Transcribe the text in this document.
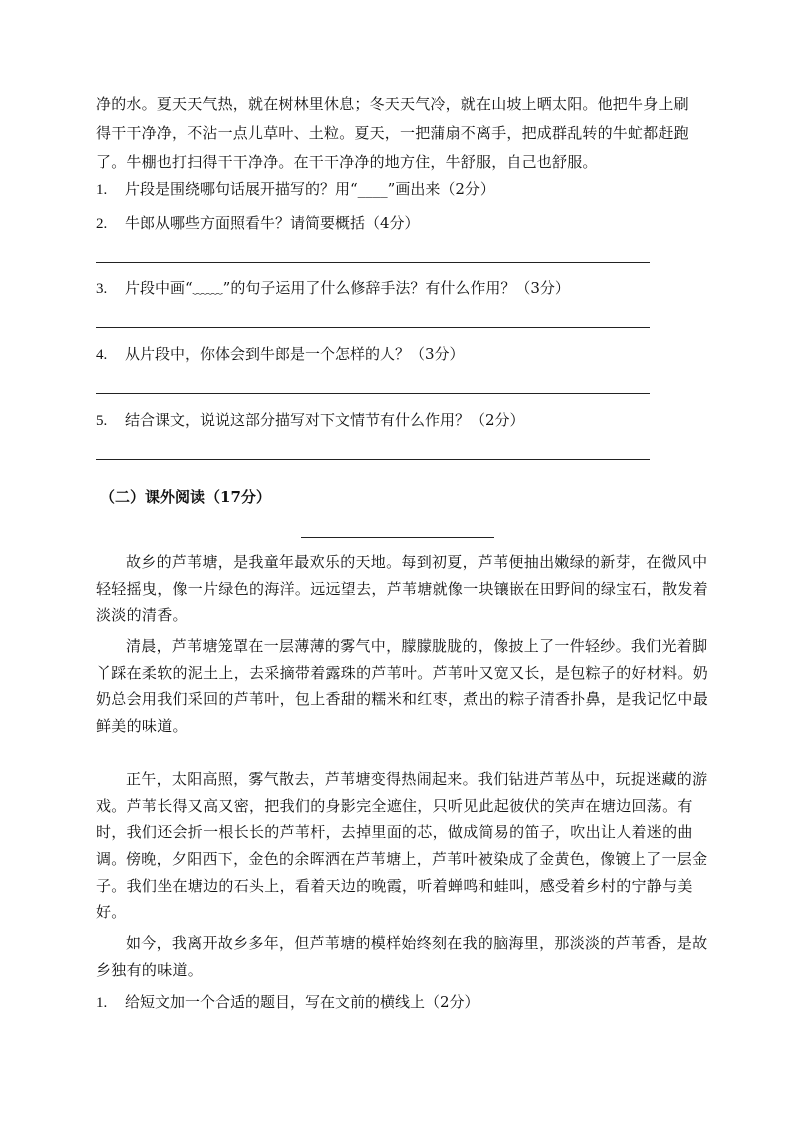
净的水。夏天天气热，就在树林里休息；冬天天气冷，就在山坡上晒太阳。他把牛身上刷得干干净净，不沾一点儿草叶、土粒。夏天，一把蒲扇不离手，把成群乱转的牛虻都赶跑了。牛棚也打扫得干干净净。在干干净净的地方住，牛舒服，自己也舒服。

1. 片段是围绕哪句话展开描写的？用“____”画出来（2分）
2. 牛郎从哪些方面照看牛？请简要概括（4分）
3. 片段中画“﹏﹏”的句子运用了什么修辞手法？有什么作用？（3分）
4. 从片段中，你体会到牛郎是一个怎样的人？（3分）
5. 结合课文，说说这部分描写对下文情节有什么作用？（2分）
（二）课外阅读（17分）

故乡的芦苇塘，是我童年最欢乐的天地。每到初夏，芦苇便抽出嫩绿的新芽，在微风中轻轻摇曳，像一片绿色的海洋。远远望去，芦苇塘就像一块镶嵌在田野间的绿宝石，散发着淡淡的清香。

清晨，芦苇塘笼罩在一层薄薄的雾气中，朦朦胧胧的，像披上了一件轻纱。我们光着脚丫踩在柔软的泥土上，去采摘带着露珠的芦苇叶。芦苇叶又宽又长，是包粽子的好材料。奶奶总会用我们采回的芦苇叶，包上香甜的糯米和红枣，煮出的粽子清香扑鼻，是我记忆中最鲜美的味道。

正午，太阳高照，雾气散去，芦苇塘变得热闹起来。我们钻进芦苇丛中，玩捉迷藏的游戏。芦苇长得又高又密，把我们的身影完全遮住，只听见此起彼伏的笑声在塘边回荡。有时，我们还会折一根长长的芦苇杆，去掉里面的芯，做成简易的笛子，吹出让人着迷的曲调。 傍晚，夕阳西下，金色的余晖洒在芦苇塘上，芦苇叶被染成了金黄色，像镀上了一层金子。我们坐在塘边的石头上，看着天边的晚霞，听着蝉鸣和蛙叫，感受着乡村的宁静与美好。

如今，我离开故乡多年，但芦苇塘的模样始终刻在我的脑海里，那淡淡的芦苇香，是故乡独有的味道。

1. 给短文加一个合适的题目，写在文前的横线上（2分）
